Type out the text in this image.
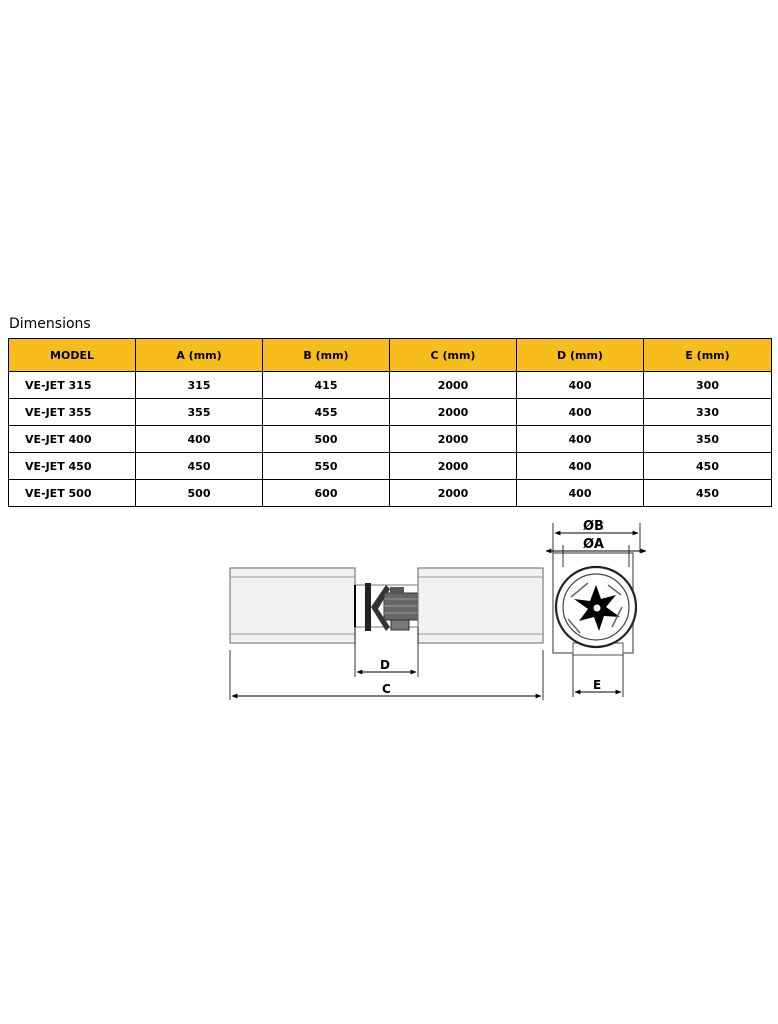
Dimensions
MODEL	A (mm)	B (mm)	C (mm)	D (mm)	E (mm)
VE-JET 315	315	415	2000	400	300
VE-JET 355	355	455	2000	400	330
VE-JET 400	400	500	2000	400	350
VE-JET 450	450	550	2000	400	450
VE-JET 500	500	600	2000	400	450
D
C
ØB
ØA
E
